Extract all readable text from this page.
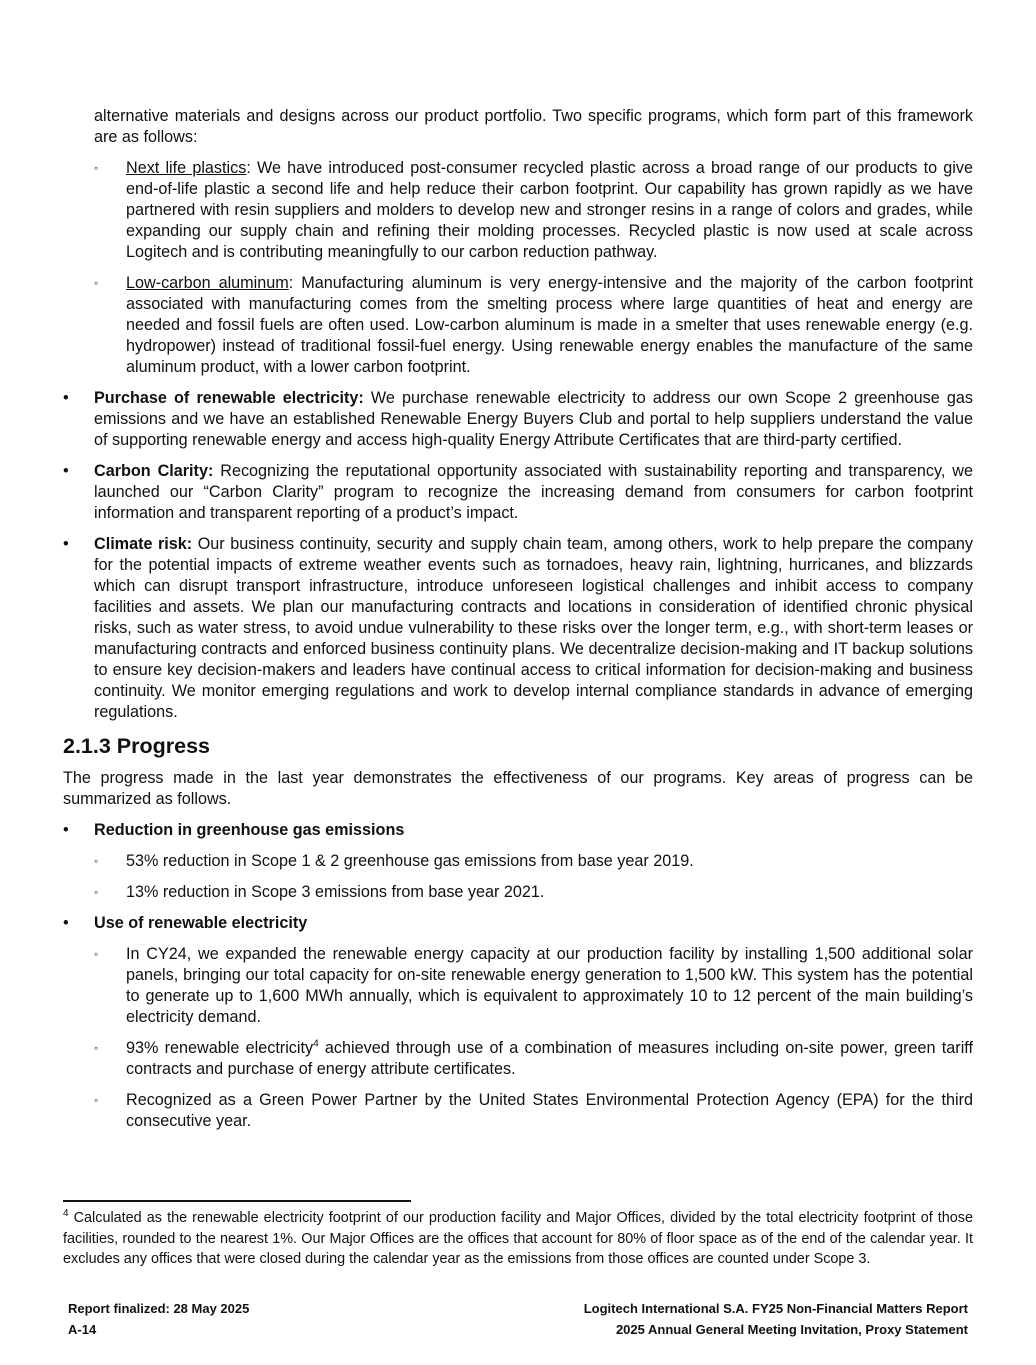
alternative materials and designs across our product portfolio. Two specific programs, which form part of this framework are as follows:

◦ Next life plastics: We have introduced post-consumer recycled plastic across a broad range of our products to give end-of-life plastic a second life and help reduce their carbon footprint. Our capability has grown rapidly as we have partnered with resin suppliers and molders to develop new and stronger resins in a range of colors and grades, while expanding our supply chain and refining their molding processes. Recycled plastic is now used at scale across Logitech and is contributing meaningfully to our carbon reduction pathway.
◦ Low-carbon aluminum: Manufacturing aluminum is very energy-intensive and the majority of the carbon footprint associated with manufacturing comes from the smelting process where large quantities of heat and energy are needed and fossil fuels are often used. Low-carbon aluminum is made in a smelter that uses renewable energy (e.g. hydropower) instead of traditional fossil-fuel energy. Using renewable energy enables the manufacture of the same aluminum product, with a lower carbon footprint.
• Purchase of renewable electricity: We purchase renewable electricity to address our own Scope 2 greenhouse gas emissions and we have an established Renewable Energy Buyers Club and portal to help suppliers understand the value of supporting renewable energy and access high-quality Energy Attribute Certificates that are third-party certified.
• Carbon Clarity: Recognizing the reputational opportunity associated with sustainability reporting and transparency, we launched our “Carbon Clarity” program to recognize the increasing demand from consumers for carbon footprint information and transparent reporting of a product’s impact.
• Climate risk: Our business continuity, security and supply chain team, among others, work to help prepare the company for the potential impacts of extreme weather events such as tornadoes, heavy rain, lightning, hurricanes, and blizzards which can disrupt transport infrastructure, introduce unforeseen logistical challenges and inhibit access to company facilities and assets. We plan our manufacturing contracts and locations in consideration of identified chronic physical risks, such as water stress, to avoid undue vulnerability to these risks over the longer term, e.g., with short-term leases or manufacturing contracts and enforced business continuity plans. We decentralize decision-making and IT backup solutions to ensure key decision-makers and leaders have continual access to critical information for decision-making and business continuity. We monitor emerging regulations and work to develop internal compliance standards in advance of emerging regulations.
2.1.3 Progress

The progress made in the last year demonstrates the effectiveness of our programs. Key areas of progress can be summarized as follows.

• Reduction in greenhouse gas emissions
◦ 53% reduction in Scope 1 & 2 greenhouse gas emissions from base year 2019.
◦ 13% reduction in Scope 3 emissions from base year 2021.
• Use of renewable electricity
◦ In CY24, we expanded the renewable energy capacity at our production facility by installing 1,500 additional solar panels, bringing our total capacity for on-site renewable energy generation to 1,500 kW. This system has the potential to generate up to 1,600 MWh annually, which is equivalent to approximately 10 to 12 percent of the main building’s electricity demand.
◦ 93% renewable electricity$^4$ achieved through use of a combination of measures including on-site power, green tariff contracts and purchase of energy attribute certificates.
◦ Recognized as a Green Power Partner by the United States Environmental Protection Agency (EPA) for the third consecutive year.
$^4$ Calculated as the renewable electricity footprint of our production facility and Major Offices, divided by the total electricity footprint of those facilities, rounded to the nearest 1%. Our Major Offices are the offices that account for 80% of floor space as of the end of the calendar year. It excludes any offices that were closed during the calendar year as the emissions from those offices are counted under Scope 3.
Report finalized: 28 May 2025	Logitech International S.A. FY25 Non-Financial Matters Report
A-14	2025 Annual General Meeting Invitation, Proxy Statement
